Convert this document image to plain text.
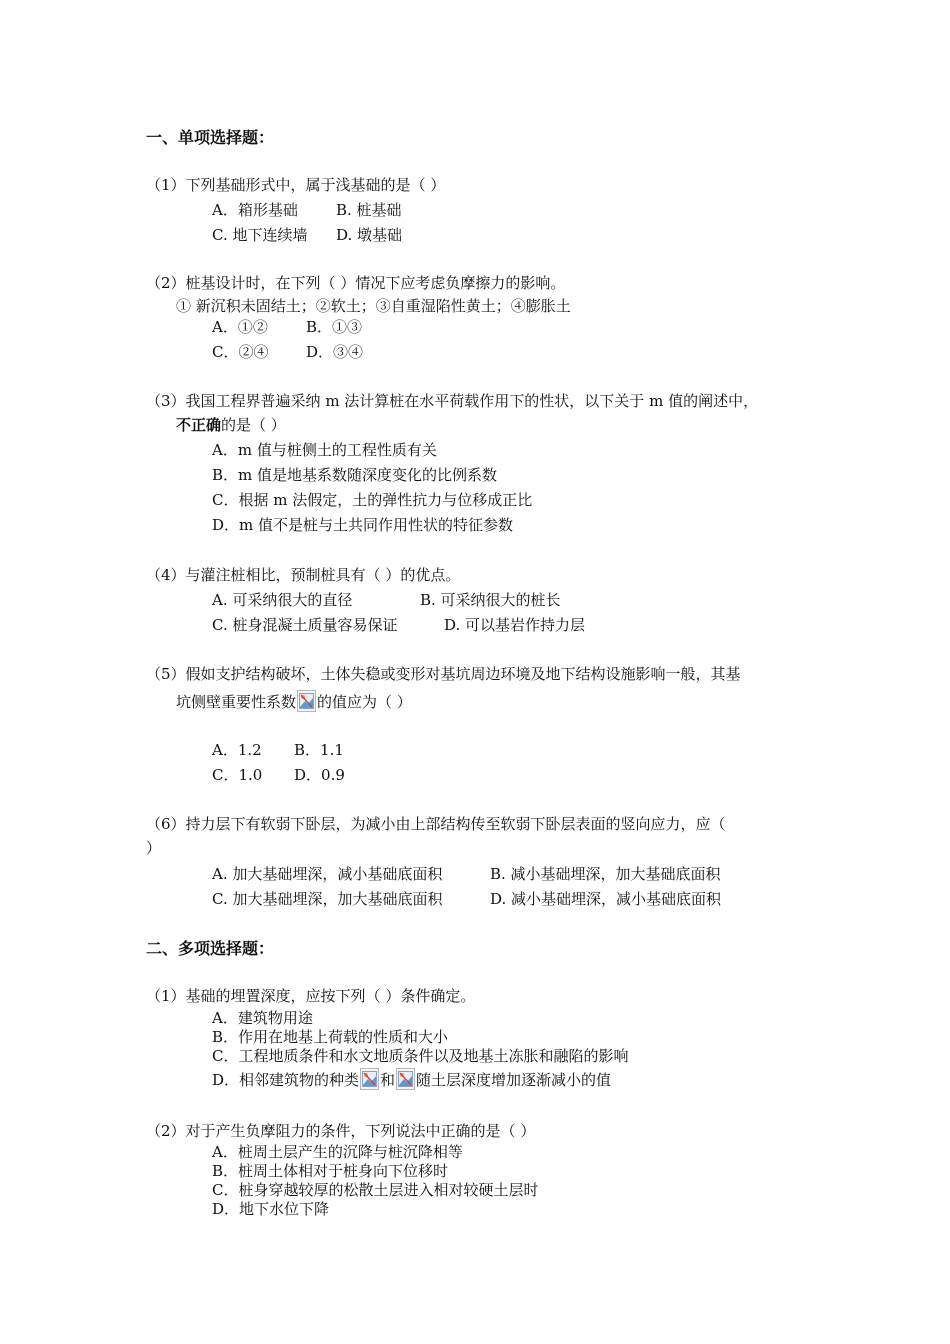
一、单项选择题：
（1）下列基础形式中，属于浅基础的是（ ）
A．箱形基础	B. 桩基础
C. 地下连续墙 D. 墩基础
（2）桩基设计时，在下列（ ）情况下应考虑负摩擦力的影响。
① 新沉积未固结土；②软土；③自重湿陷性黄土；④膨胀土
A．①②	B．①③
C．②④	D．③④
（3）我国工程界普遍采纳 m 法计算桩在水平荷载作用下的性状，以下关于 m 值的阐述中，
不正确的是（ ）
A．m 值与桩侧土的工程性质有关
B．m 值是地基系数随深度变化的比例系数
C．根据 m 法假定，土的弹性抗力与位移成正比
D．m 值不是桩与土共同作用性状的特征参数
（4）与灌注桩相比，预制桩具有（ ）的优点。
A. 可采纳很大的直径	B. 可采纳很大的桩长
C. 桩身混凝土质量容易保证	D. 可以基岩作持力层
（5）假如支护结构破坏，土体失稳或变形对基坑周边环境及地下结构设施影响一般，其基
坑侧壁重要性系数 的值应为（ ）
A．1.2 B．1.1
C．1.0 D．0.9
（6）持力层下有软弱下卧层，为减小由上部结构传至软弱下卧层表面的竖向应力，应（
）
A. 加大基础埋深，减小基础底面积	B. 减小基础埋深，加大基础底面积
C. 加大基础埋深，加大基础底面积	D. 减小基础埋深，减小基础底面积
二、多项选择题：
（1）基础的埋置深度，应按下列（ ）条件确定。
A．建筑物用途
B．作用在地基上荷载的性质和大小
C．工程地质条件和水文地质条件以及地基土冻胀和融陷的影响
D．相邻建筑物的种类 和 随土层深度增加逐渐减小的值
（2）对于产生负摩阻力的条件，下列说法中正确的是（ ）
A．桩周土层产生的沉降与桩沉降相等
B．桩周土体相对于桩身向下位移时
C．桩身穿越较厚的松散土层进入相对较硬土层时
D．地下水位下降
